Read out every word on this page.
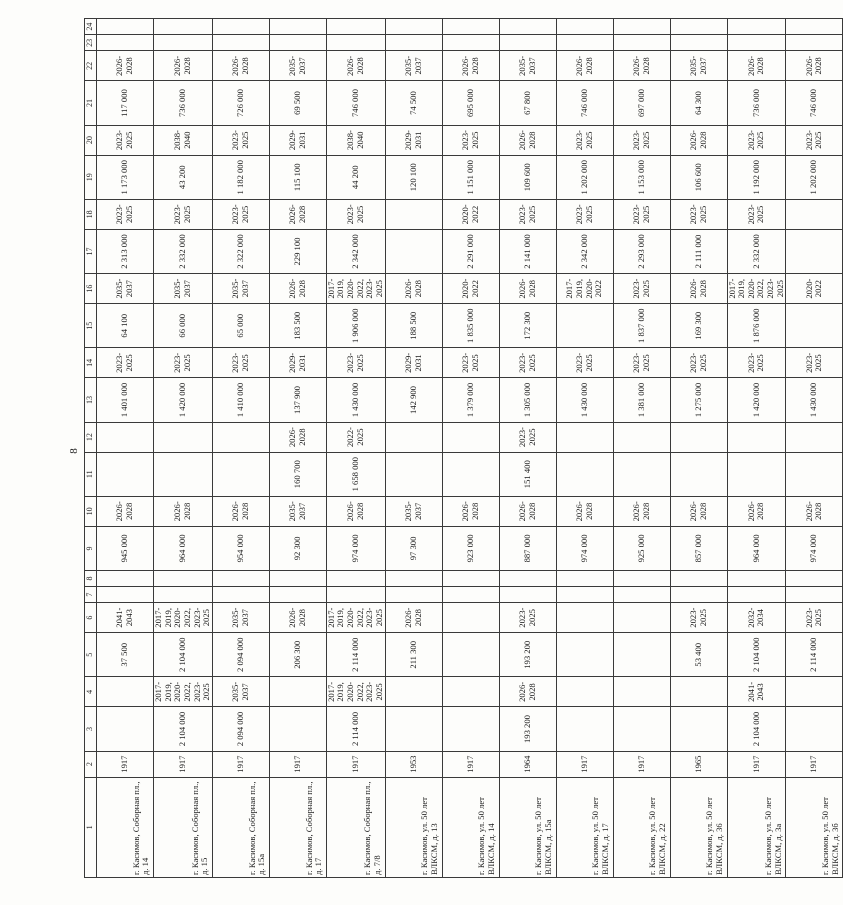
8
1	2	3	4	5	6	7	8	9	10	11	12	13	14	15	16	17	18	19	20	21	22	23	24
г. Касимов, Соборная пл., д. 14	1917			37 500	2041-2043			945 000	2026-2028			1 401 000	2023-2025	64 100	2035-2037	2 313 000	2023-2025	1 173 000	2023-2025	117 000	2026-2028		
г. Касимов, Соборная пл., д. 15	1917	2 104 000	2017-2019, 2020-2022, 2023-2025	2 104 000	2017-2019, 2020-2022, 2023-2025			964 000	2026-2028			1 420 000	2023-2025	66 000	2035-2037	2 332 000	2023-2025	43 200	2038-2040	736 000	2026-2028		
г. Касимов, Соборная пл., д. 15а	1917	2 094 000	2035-2037	2 094 000	2035-2037			954 000	2026-2028			1 410 000	2023-2025	65 000	2035-2037	2 322 000	2023-2025	1 182 000	2023-2025	726 000	2026-2028		
г. Касимов, Соборная пл., д. 17	1917			206 300	2026-2028			92 300	2035-2037	160 700	2026-2028	137 900	2029-2031	183 500	2026-2028	229 100	2026-2028	115 100	2029-2031	69 500	2035-2037		
г. Касимов, Соборная пл., д. 7/8	1917	2 114 000	2017-2019, 2020-2022, 2023-2025	2 114 000	2017-2019, 2020-2022, 2023-2025			974 000	2026-2028	1 658 000	2022-2025	1 430 000	2023-2025	1 906 000	2017-2019, 2020-2022, 2023-2025	2 342 000	2023-2025	44 200	2038-2040	746 000	2026-2028		
г. Касимов, ул. 50 лет ВЛКСМ, д. 13	1953			211 300	2026-2028			97 300	2035-2037			142 900	2029-2031	188 500	2026-2028			120 100	2029-2031	74 500	2035-2037		
г. Касимов, ул. 50 лет ВЛКСМ, д. 14	1917							923 000	2026-2028			1 379 000	2023-2025	1 835 000	2020-2022	2 291 000	2020-2022	1 151 000	2023-2025	695 000	2026-2028		
г. Касимов, ул. 50 лет ВЛКСМ, д. 15а	1964	193 200	2026-2028	193 200	2023-2025			887 000	2026-2028	151 400	2023-2025	1 305 000	2023-2025	172 300	2026-2028	2 141 000	2023-2025	109 600	2026-2028	67 800	2035-2037		
г. Касимов, ул. 50 лет ВЛКСМ, д. 17	1917							974 000	2026-2028			1 430 000	2023-2025		2017-2019, 2020-2022	2 342 000	2023-2025	1 202 000	2023-2025	746 000	2026-2028		
г. Касимов, ул. 50 лет ВЛКСМ, д. 22	1917							925 000	2026-2028			1 381 000	2023-2025	1 837 000	2023-2025	2 293 000	2023-2025	1 153 000	2023-2025	697 000	2026-2028		
г. Касимов, ул. 50 лет ВЛКСМ, д. 36	1965			53 400	2023-2025			857 000	2026-2028			1 275 000	2023-2025	169 300	2026-2028	2 111 000	2023-2025	106 600	2026-2028	64 300	2035-2037		
г. Касимов, ул. 50 лет ВЛКСМ, д. 3а	1917	2 104 000	2041-2043	2 104 000	2032-2034			964 000	2026-2028			1 420 000	2023-2025	1 876 000	2017-2019, 2020-2022, 2023-2025	2 332 000	2023-2025	1 192 000	2023-2025	736 000	2026-2028		
г. Касимов, ул. 50 лет ВЛКСМ, д. 3б	1917			2 114 000	2023-2025			974 000	2026-2028			1 430 000	2023-2025		2020-2022			1 202 000	2023-2025	746 000	2026-2028		
